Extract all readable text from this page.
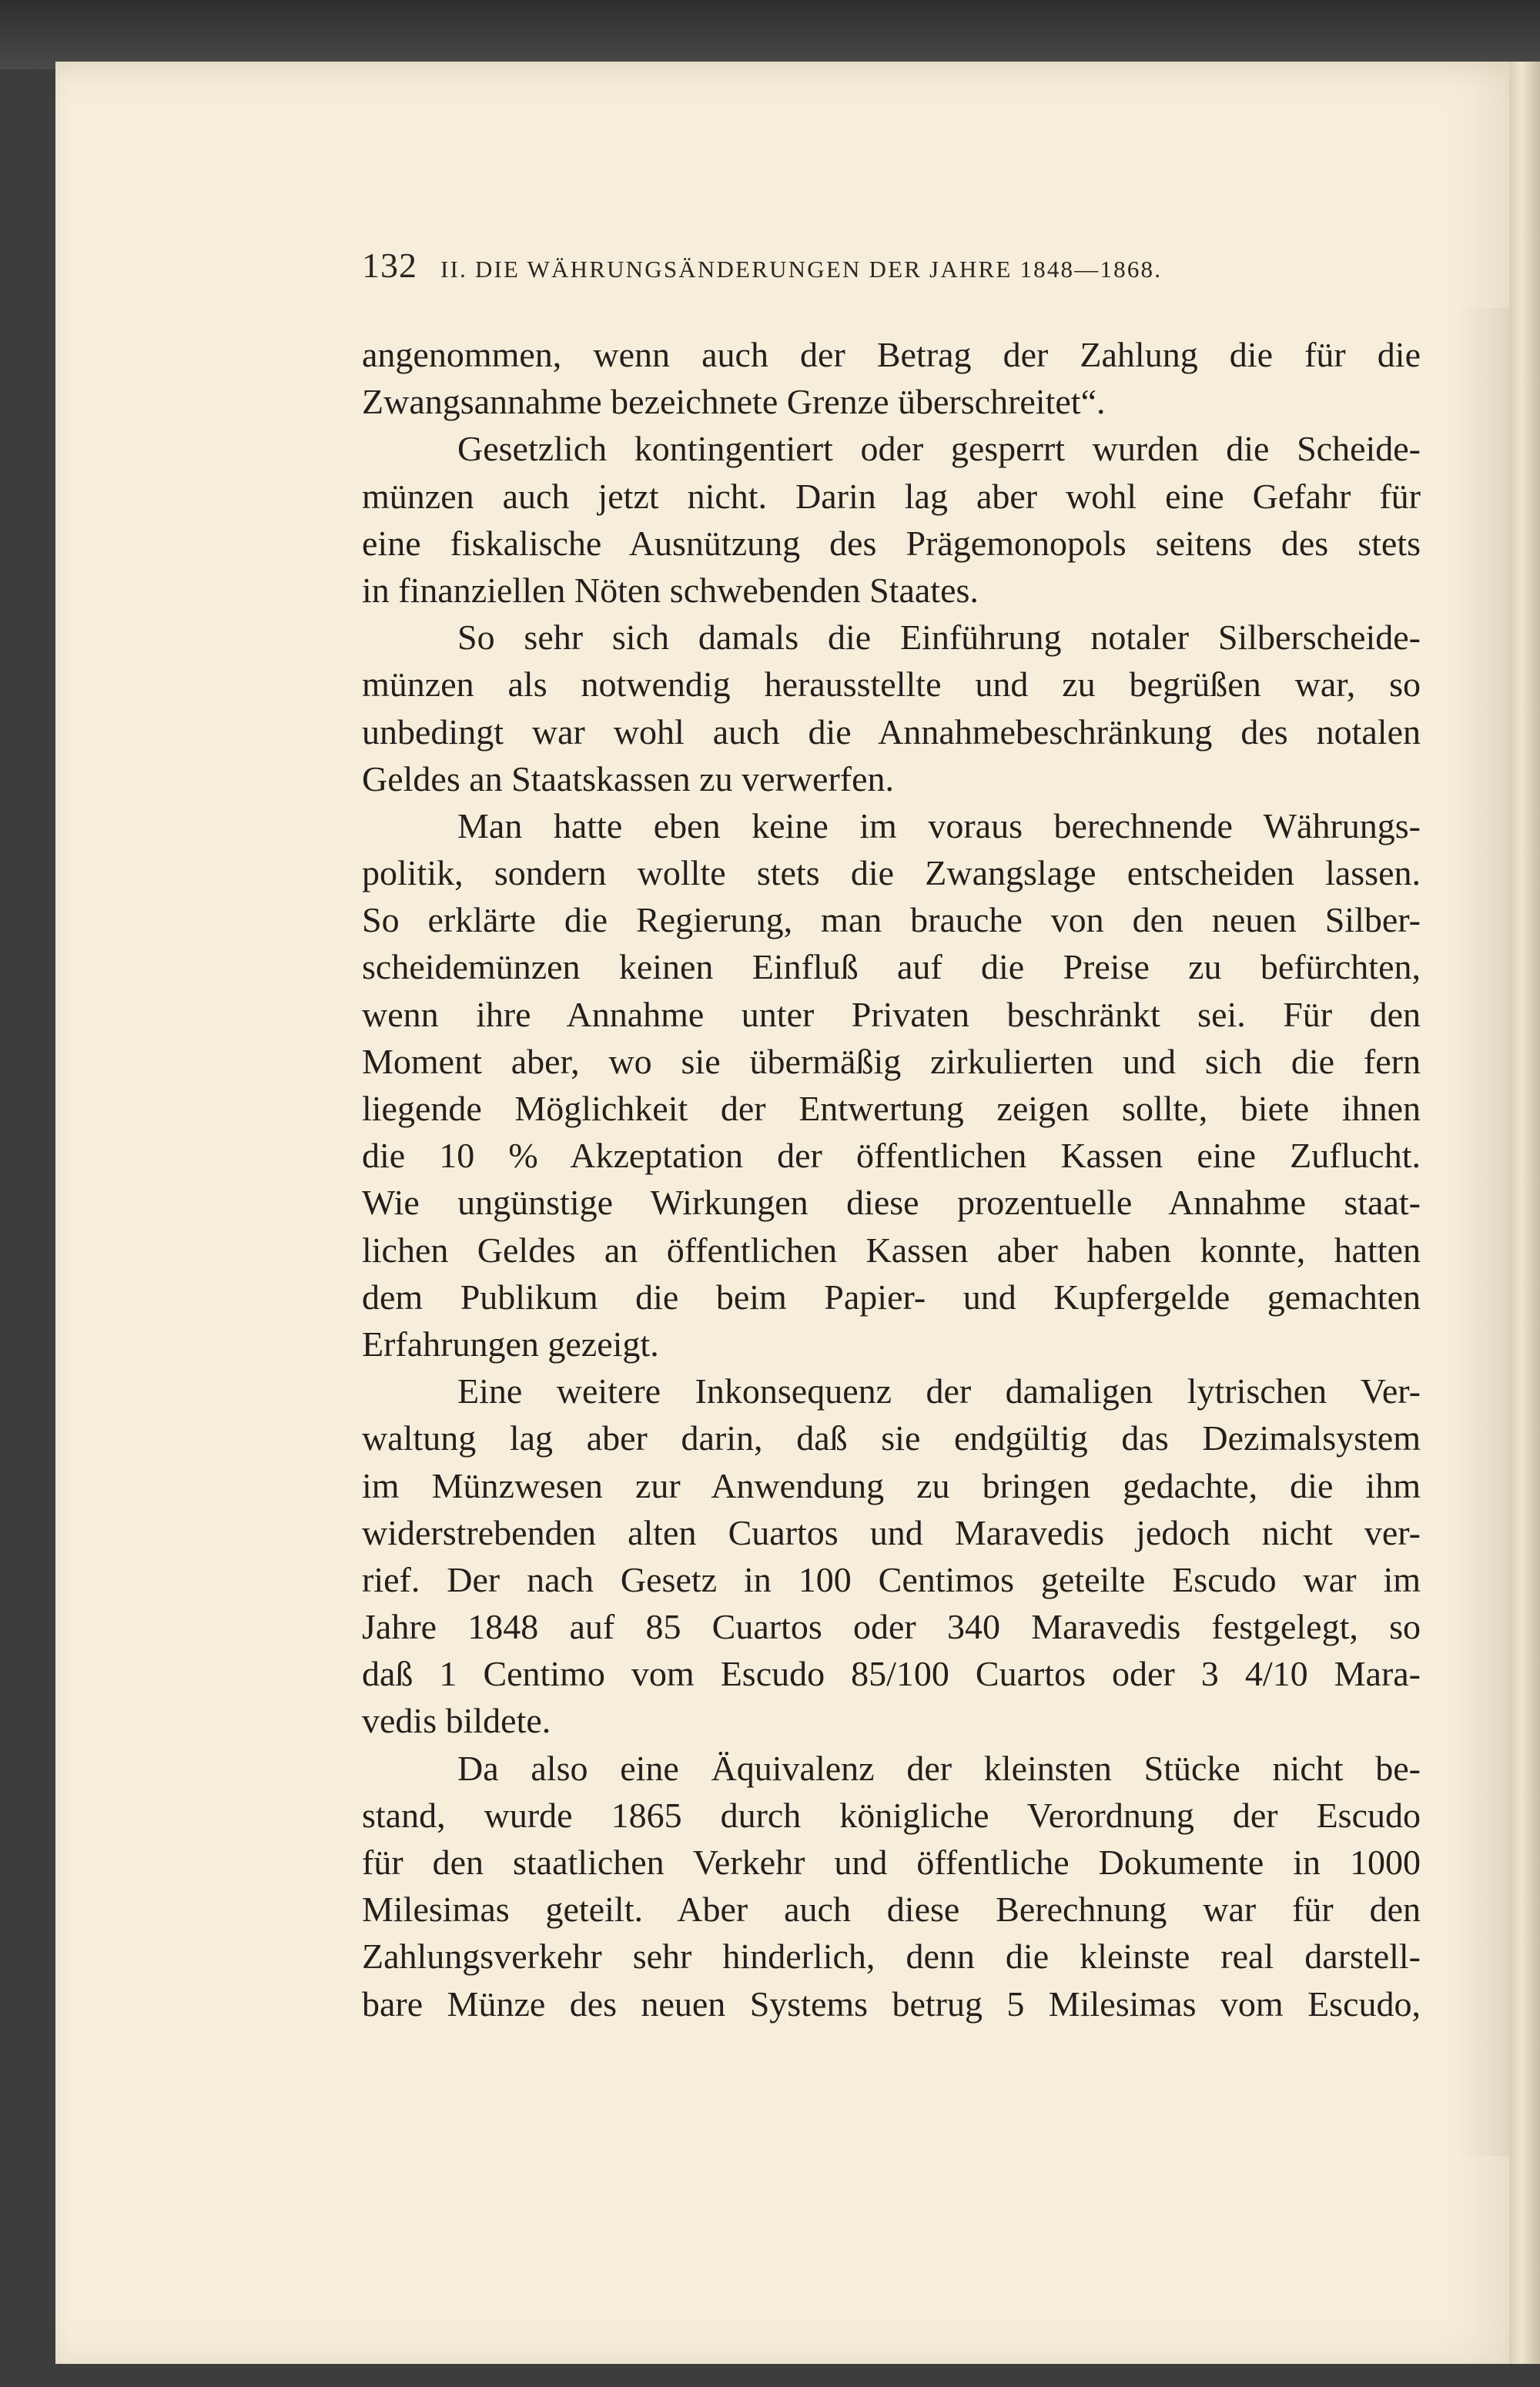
132 II. DIE WÄHRUNGSÄNDERUNGEN DER JAHRE 1848—1868.
angenommen, wenn auch der Betrag der Zahlung die für die
Zwangsannahme bezeichnete Grenze überschreitet“.
Gesetzlich kontingentiert oder gesperrt wurden die Scheide-
münzen auch jetzt nicht. Darin lag aber wohl eine Gefahr für
eine fiskalische Ausnützung des Prägemonopols seitens des stets
in finanziellen Nöten schwebenden Staates.
So sehr sich damals die Einführung notaler Silberscheide-
münzen als notwendig herausstellte und zu begrüßen war, so
unbedingt war wohl auch die Annahmebeschränkung des notalen
Geldes an Staatskassen zu verwerfen.
Man hatte eben keine im voraus berechnende Währungs-
politik, sondern wollte stets die Zwangslage entscheiden lassen.
So erklärte die Regierung, man brauche von den neuen Silber-
scheidemünzen keinen Einfluß auf die Preise zu befürchten,
wenn ihre Annahme unter Privaten beschränkt sei. Für den
Moment aber, wo sie übermäßig zirkulierten und sich die fern
liegende Möglichkeit der Entwertung zeigen sollte, biete ihnen
die 10 % Akzeptation der öffentlichen Kassen eine Zuflucht.
Wie ungünstige Wirkungen diese prozentuelle Annahme staat-
lichen Geldes an öffentlichen Kassen aber haben konnte, hatten
dem Publikum die beim Papier- und Kupfergelde gemachten
Erfahrungen gezeigt.
Eine weitere Inkonsequenz der damaligen lytrischen Ver-
waltung lag aber darin, daß sie endgültig das Dezimalsystem
im Münzwesen zur Anwendung zu bringen gedachte, die ihm
widerstrebenden alten Cuartos und Maravedis jedoch nicht ver-
rief. Der nach Gesetz in 100 Centimos geteilte Escudo war im
Jahre 1848 auf 85 Cuartos oder 340 Maravedis festgelegt, so
daß 1 Centimo vom Escudo 85/100 Cuartos oder 3 4/10 Mara-
vedis bildete.
Da also eine Äquivalenz der kleinsten Stücke nicht be-
stand, wurde 1865 durch königliche Verordnung der Escudo
für den staatlichen Verkehr und öffentliche Dokumente in 1000
Milesimas geteilt. Aber auch diese Berechnung war für den
Zahlungsverkehr sehr hinderlich, denn die kleinste real darstell-
bare Münze des neuen Systems betrug 5 Milesimas vom Escudo,
